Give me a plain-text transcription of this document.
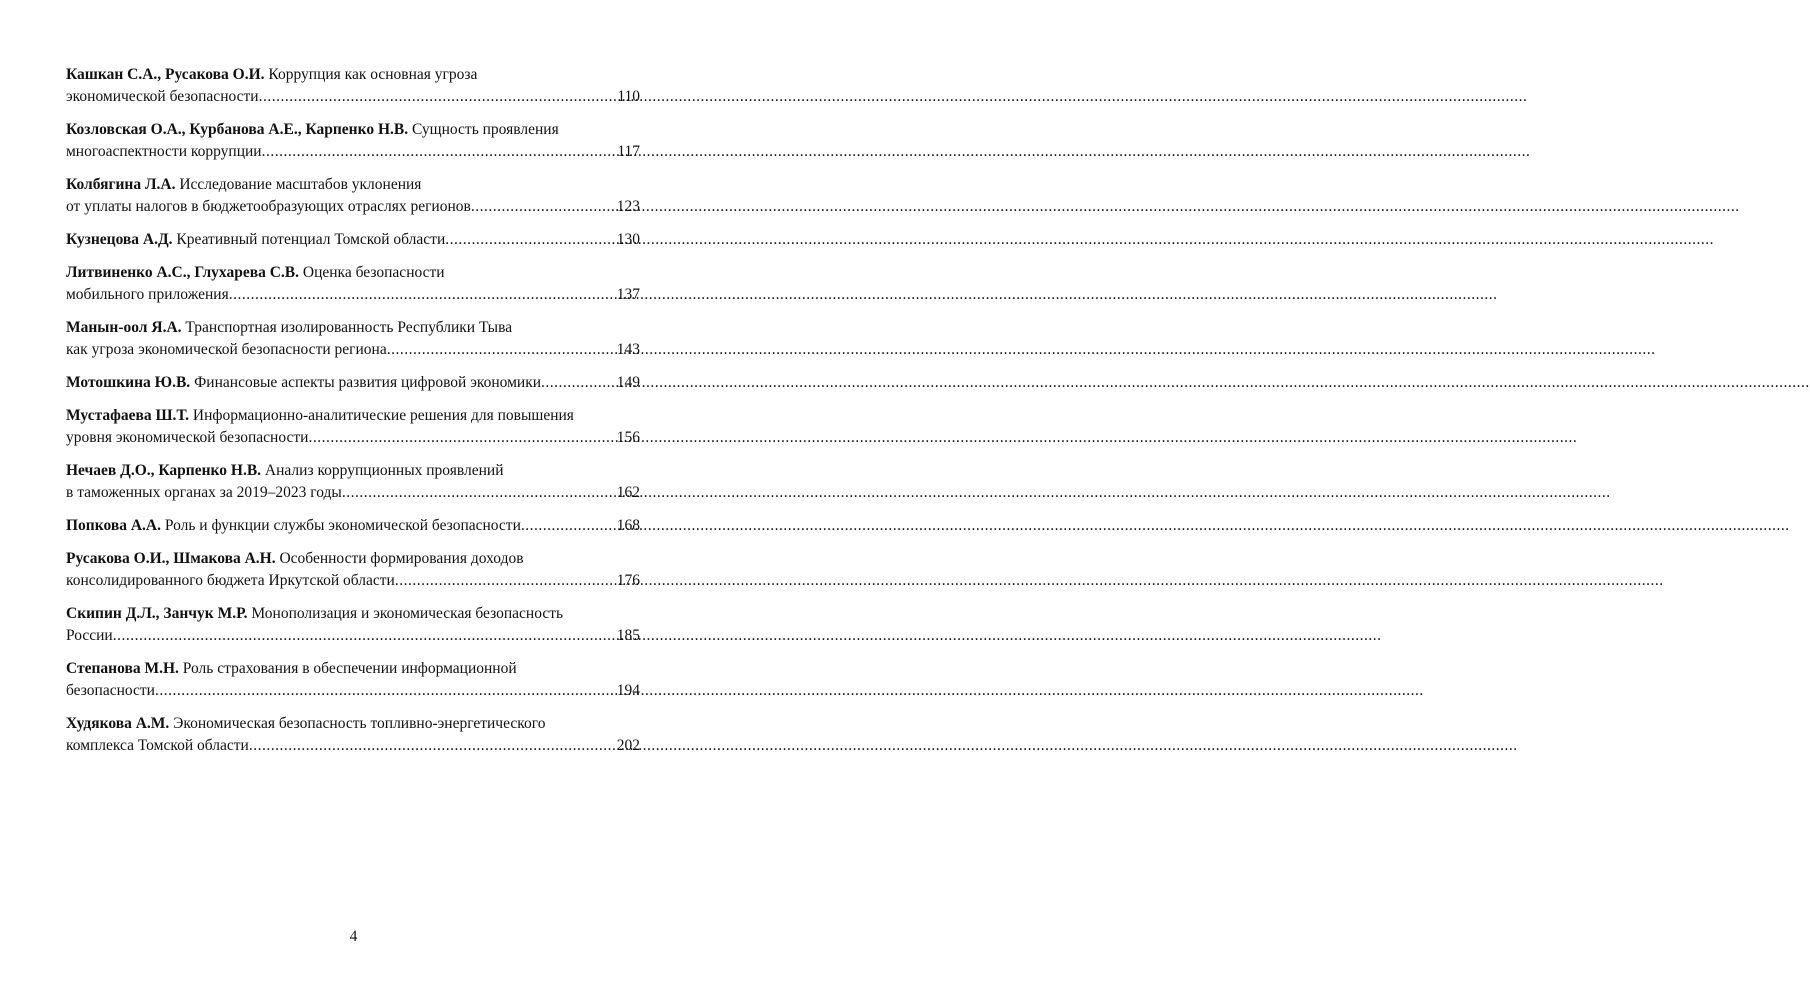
Кашкан С.А., Русакова О.И. Коррупция как основная угроза
экономической безопасности .....	110
Козловская О.А., Курбанова А.Е., Карпенко Н.В. Сущность проявления
многоаспектности коррупции .....	117
Колбягина Л.А. Исследование масштабов уклонения
от уплаты налогов в бюджетообразующих отраслях регионов .....	123
Кузнецова А.Д. Креативный потенциал Томской области .....	130
Литвиненко А.С., Глухарева С.В. Оценка безопасности
мобильного приложения .....	137
Манын-оол Я.А. Транспортная изолированность Республики Тыва
как угроза экономической безопасности региона .....	143
Мотошкина Ю.В. Финансовые аспекты развития цифровой экономики .....	149
Мустафаева Ш.Т. Информационно-аналитические решения для повышения
уровня экономической безопасности .....	156
Нечаев Д.О., Карпенко Н.В. Анализ коррупционных проявлений
в таможенных органах за 2019–2023 годы .....	162
Попкова А.А. Роль и функции службы экономической безопасности .....	168
Русакова О.И., Шмакова А.Н. Особенности формирования доходов
консолидированного бюджета Иркутской области .....	176
Скипин Д.Л., Занчук М.Р. Монополизация и экономическая безопасность
России .....	185
Степанова М.Н. Роль страхования в обеспечении информационной
безопасности .....	194
Худякова А.М. Экономическая безопасность топливно-энергетического
комплекса Томской области .....	202
4
